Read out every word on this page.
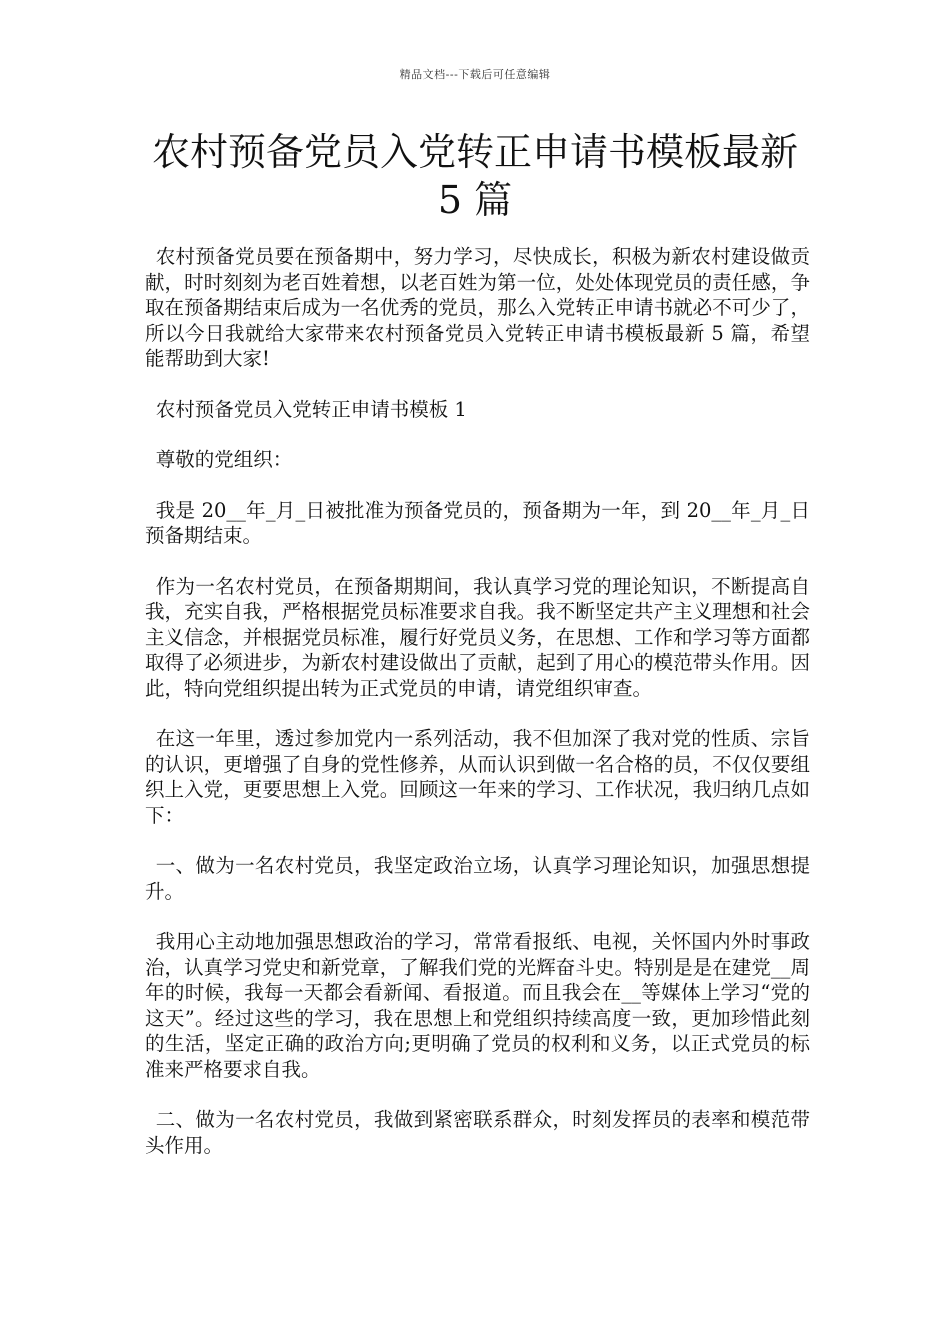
精品文档---下载后可任意编辑
农村预备党员入党转正申请书模板最新 5 篇

农村预备党员要在预备期中，努力学习，尽快成长，积极为新农村建设做贡献，时时刻刻为老百姓着想，以老百姓为第一位，处处体现党员的责任感，争取在预备期结束后成为一名优秀的党员，那么入党转正申请书就必不可少了，所以今日我就给大家带来农村预备党员入党转正申请书模板最新 5 篇，希望能帮助到大家!

农村预备党员入党转正申请书模板 1

尊敬的党组织：

我是 20__年_月_日被批准为预备党员的，预备期为一年，到 20__年_月_日预备期结束。

作为一名农村党员，在预备期期间，我认真学习党的理论知识，不断提高自我，充实自我，严格根据党员标准要求自我。我不断坚定共产主义理想和社会主义信念，并根据党员标准，履行好党员义务，在思想、工作和学习等方面都取得了必须进步，为新农村建设做出了贡献，起到了用心的模范带头作用。因此，特向党组织提出转为正式党员的申请，请党组织审查。

在这一年里，透过参加党内一系列活动，我不但加深了我对党的性质、宗旨的认识，更增强了自身的党性修养，从而认识到做一名合格的员，不仅仅要组织上入党，更要思想上入党。回顾这一年来的学习、工作状况，我归纳几点如下：

一、做为一名农村党员，我坚定政治立场，认真学习理论知识，加强思想提升。

我用心主动地加强思想政治的学习，常常看报纸、电视，关怀国内外时事政治，认真学习党史和新党章，了解我们党的光辉奋斗史。特别是是在建党__周年的时候，我每一天都会看新闻、看报道。而且我会在__等媒体上学习“党的这天”。经过这些的学习，我在思想上和党组织持续高度一致，更加珍惜此刻的生活，坚定正确的政治方向;更明确了党员的权利和义务，以正式党员的标准来严格要求自我。

二、做为一名农村党员，我做到紧密联系群众，时刻发挥员的表率和模范带头作用。
